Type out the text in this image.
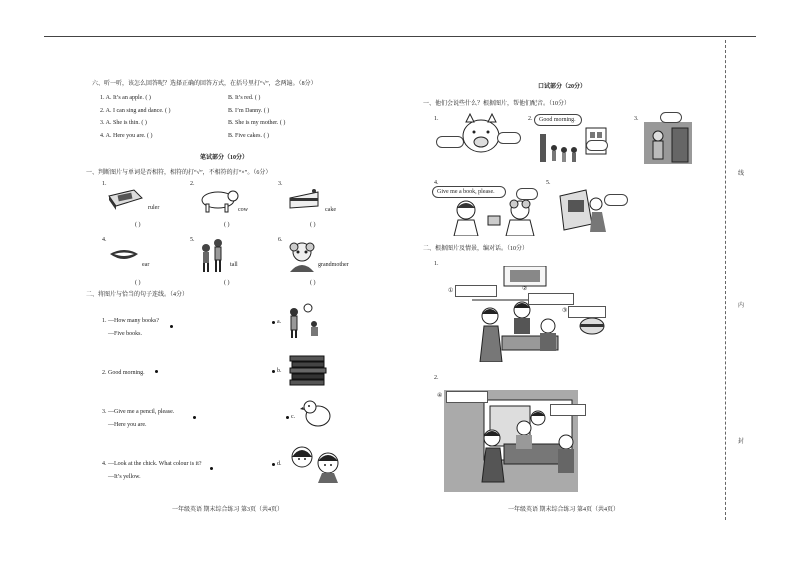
线
内
封
六、听一听，该怎么回答呢？选择正确的回答方式，在括号里打“√”，念两遍。（8分）
1. A. It’s an apple. ( )	B. It’s red. ( )
2. A. I can sing and dance. ( )	B. I’m Danny. ( )
3. A. She is thin. ( )	B. She is my mother. ( )
4. A. Here you are. ( )	B. Five cakes. ( )
笔试部分（10分）
一、判断图片与单词是否相符，相符的打“√”，不相符的打“×”。（6分）
1.
ruler
( )
2.
cow
( )
3.
cake
( )
4.
ear
( )
5.
tall
( )
6.
grandmother
( )
二、将图片与恰当的句子连线。（4分）
1. —How many books?
—Five books.
2. Good morning.
3. —Give me a pencil, please.
—Here you are.
4. —Look at the chick. What colour is it?
—It’s yellow.
a.
b.
c.
d.
一年级英语 期末综合练习 第3页（共4页）
口试部分（20分）
一、他们会说些什么？根据图片，帮他们配音。（10分）
1.	2.	Good morning.	3.
4.
Give me a book, please.
5.
二、根据图片及情景，编对话。（10分）
1.
①	②
③
2.
④
一年级英语 期末综合练习 第4页（共4页）
